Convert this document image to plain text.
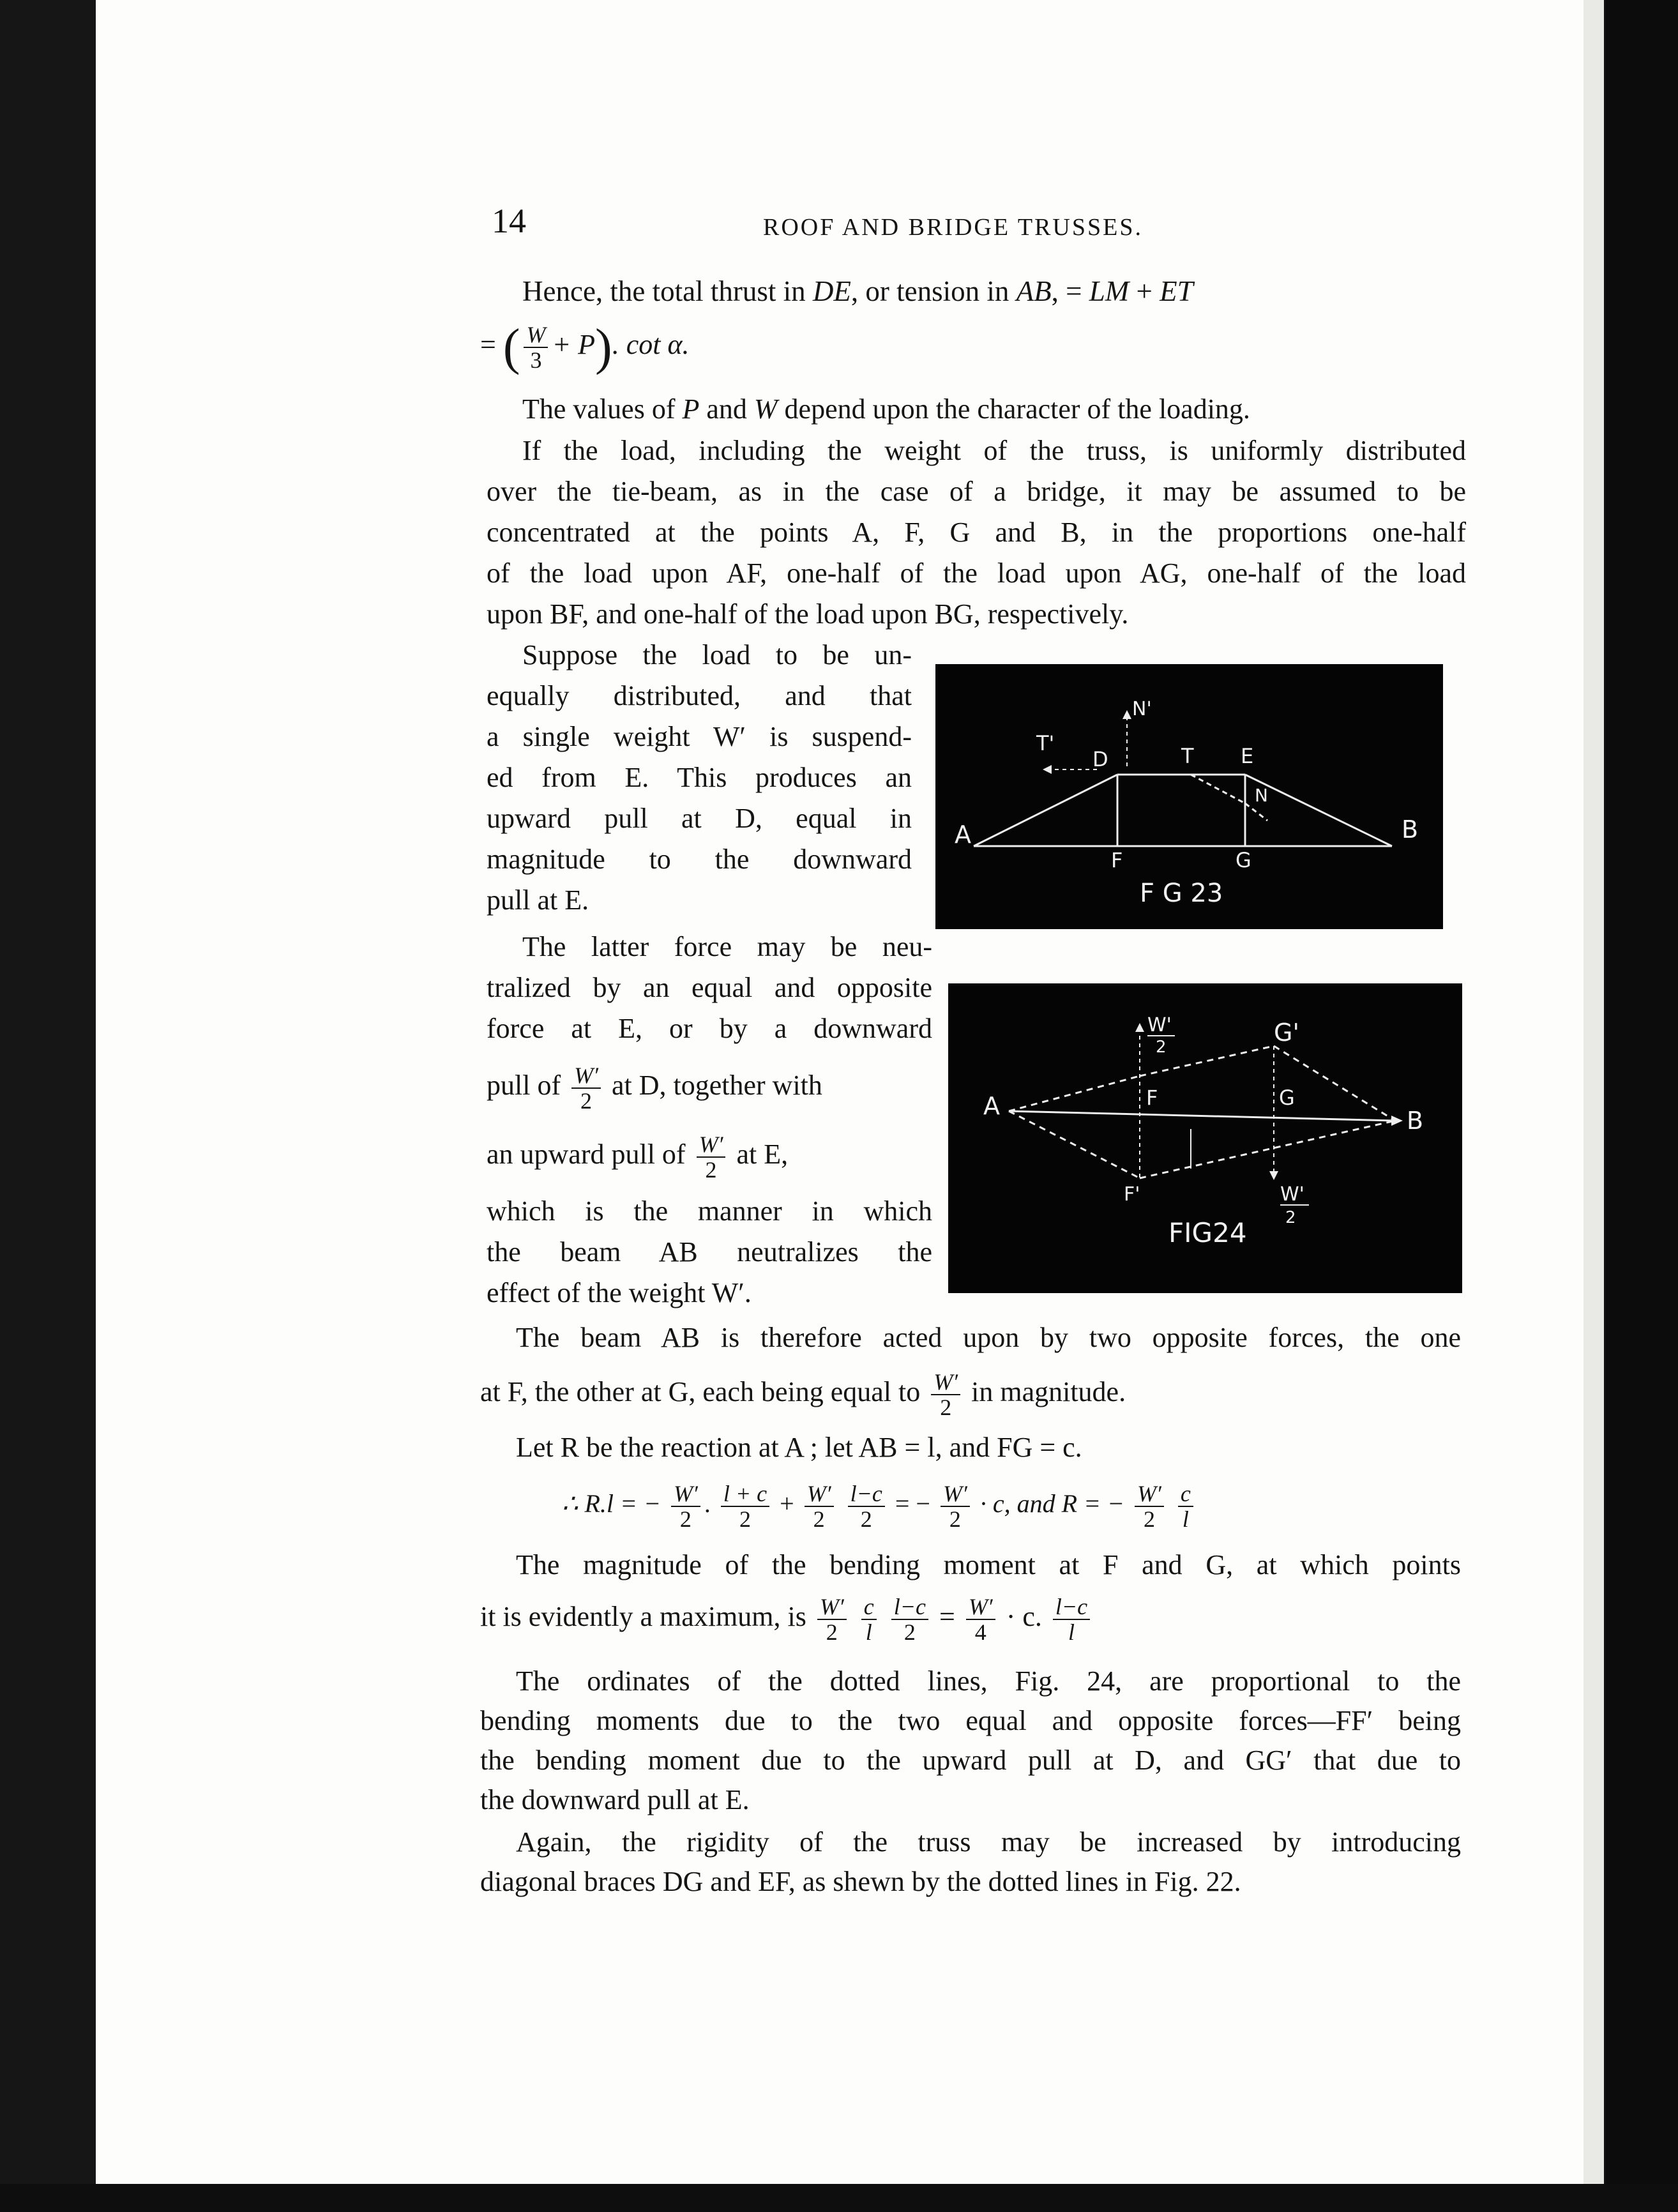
14	ROOF AND BRIDGE TRUSSES.
Hence, the total thrust in DE, or tension in AB, = LM + ET
= ( $\frac{W}{3} + P$). cot α.
The values of P and W depend upon the character of the loading.
If the load, including the weight of the truss, is uniformly distributed
over the tie-beam, as in the case of a bridge, it may be assumed to be
concentrated at the points A, F, G and B, in the proportions one-half
of the load upon AF, one-half of the load upon AG, one-half of the load
upon BF, and one-half of the load upon BG, respectively.
Suppose the load to be un-
equally distributed, and that
a single weight W′ is suspend-
ed from E. This produces an
upward pull at D, equal in
magnitude to the downward
pull at E.
The latter force may be neu-
tralized by an equal and opposite
force at E, or by a downward
pull of $\frac{W'}{2}$ at D, together with
an upward pull of $\frac{W'}{2}$ at E,
which is the manner in which
the beam AB neutralizes the
effect of the weight W′.
The beam AB is therefore acted upon by two opposite forces, the one
at F, the other at G, each being equal to $\frac{W'}{2}$ in magnitude.
Let R be the reaction at A ; let AB = l, and FG = c.
∴ R.l = − $\frac{W'}{2}$ . $\frac{l + c}{2} + \frac{W'}{2}$
$\frac{l-c}{2}$ = − $\frac{W'}{2} \cdot c$, and R = − $\frac{W'}{2}$
$\frac{c}{l}$
The magnitude of the bending moment at F and G, at which points
it is evidently a maximum, is $\frac{W'}{2}$
$\frac{c}{l}$
$\frac{l-c}{2} = \frac{W'}{4} \cdot c$. $\frac{l-c}{l}$
The ordinates of the dotted lines, Fig. 24, are proportional to the
bending moments due to the two equal and opposite forces—FF′ being
the bending moment due to the upward pull at D, and GG′ that due to
the downward pull at E.
Again, the rigidity of the truss may be increased by introducing
diagonal braces DG and EF, as shewn by the dotted lines in Fig. 22.
A	B
D	E
F	G
T
T'
N
N'
F G 23
A
B
F	G
F'
G'
W'
2
W'
2
FIG24
